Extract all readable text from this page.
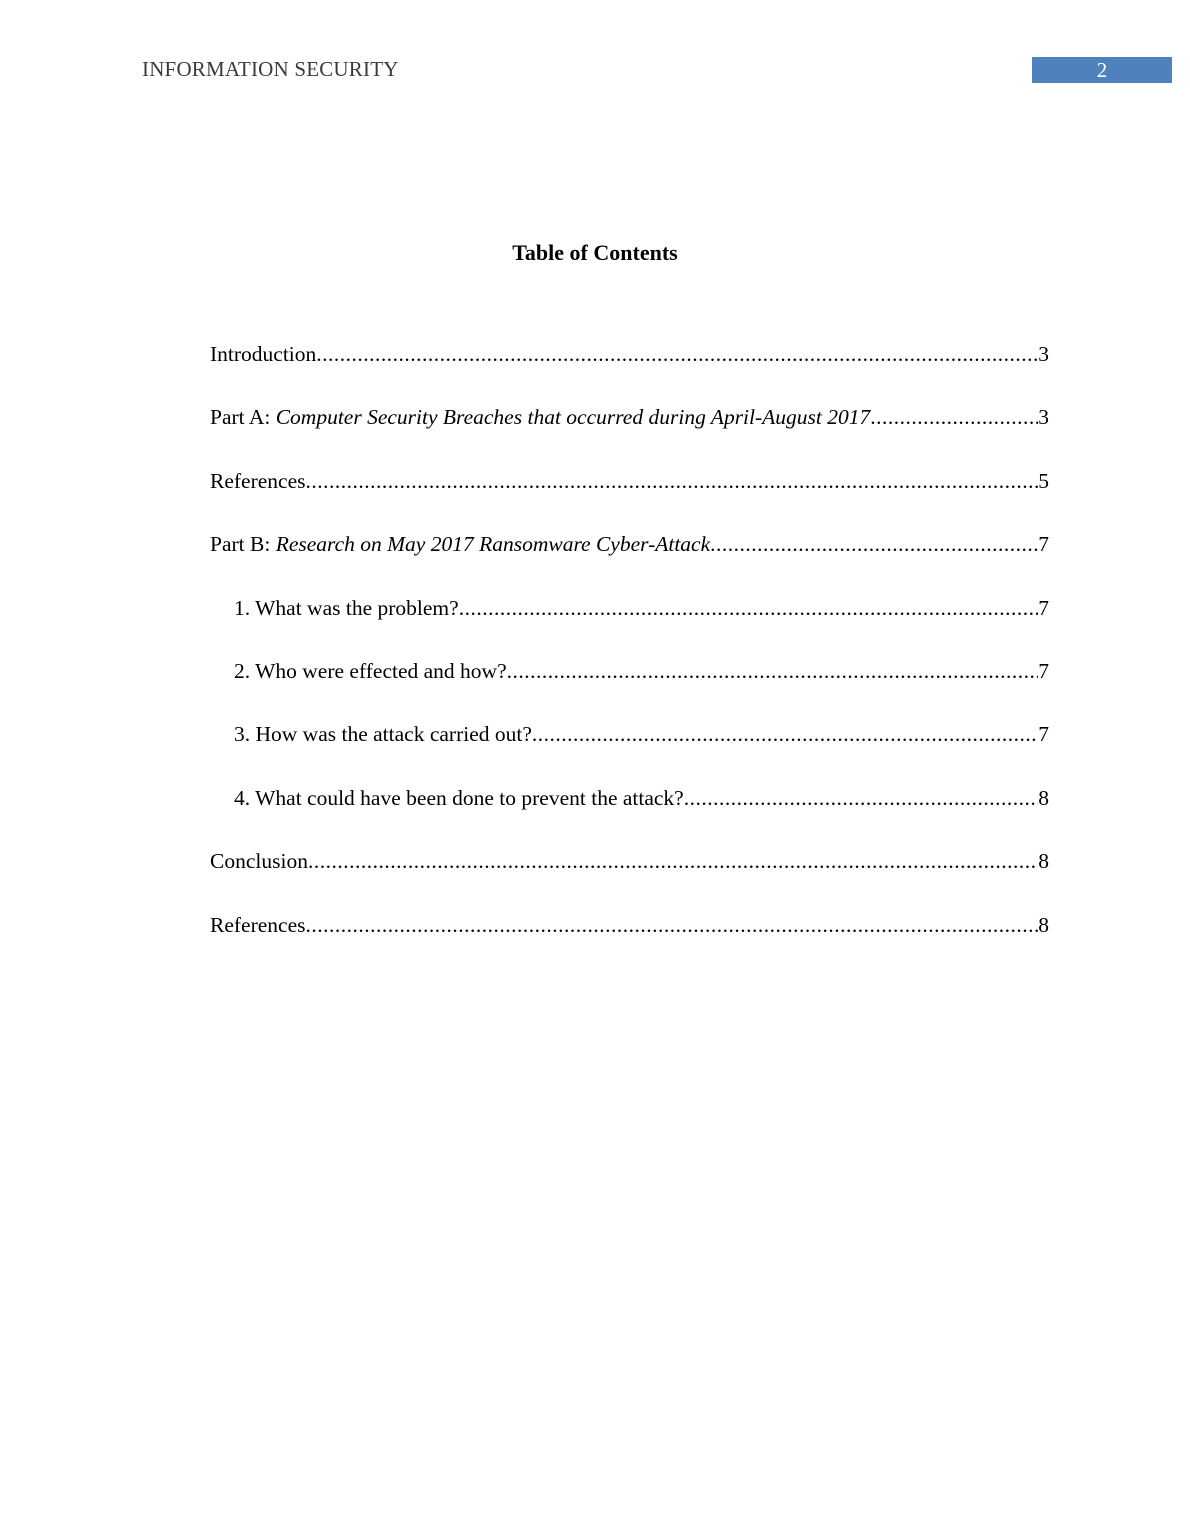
INFORMATION SECURITY	2
Table of Contents
Introduction .....	3
Part A: Computer Security Breaches that occurred during April-August 2017 .....	3
References .....	5
Part B: Research on May 2017 Ransomware Cyber-Attack .....	7
1. What was the problem? .....	7
2. Who were effected and how? .....	7
3. How was the attack carried out? .....	7
4. What could have been done to prevent the attack? .....	8
Conclusion .....	8
References .....	8
